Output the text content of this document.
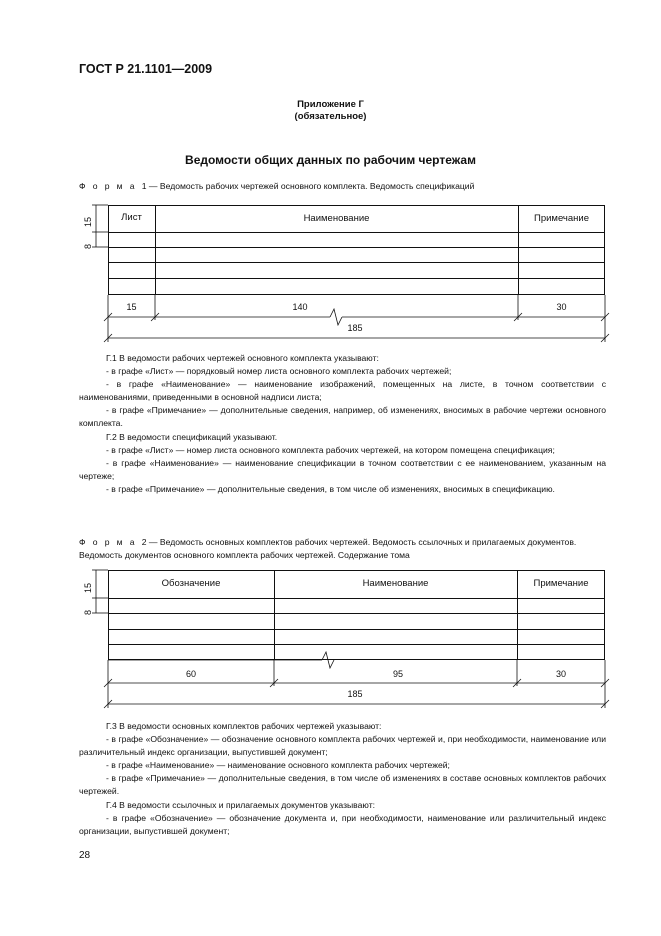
ГОСТ Р 21.1101—2009
Приложение Г
(обязательное)
Ведомости общих данных по рабочим чертежам
Ф о р м а 1 — Ведомость рабочих чертежей основного комплекта. Ведомость спецификаций
Лист	Наименование	Примечание
15
8
15	140	30
185

Г.1 В ведомости рабочих чертежей основного комплекта указывают:

- в графе «Лист» — порядковый номер листа основного комплекта рабочих чертежей;

- в графе «Наименование» — наименование изображений, помещенных на листе, в точном соответствии с наименованиями, приведенными в основной надписи листа;

- в графе «Примечание» — дополнительные сведения, например, об изменениях, вносимых в рабочие чертежи основного комплекта.

Г.2 В ведомости спецификаций указывают.

- в графе «Лист» — номер листа основного комплекта рабочих чертежей, на котором помещена спецификация;

- в графе «Наименование» — наименование спецификации в точном соответствии с ее наименованием, указанным на чертеже;

- в графе «Примечание» — дополнительные сведения, в том числе об изменениях, вносимых в спецификацию.

Ф о р м а 2 — Ведомость основных комплектов рабочих чертежей. Ведомость ссылочных и прилагаемых документов. Ведомость документов основного комплекта рабочих чертежей. Содержание тома
Обозначение	Наименование	Примечание
15
8
60	95	30
185

Г.3 В ведомости основных комплектов рабочих чертежей указывают:

- в графе «Обозначение» — обозначение основного комплекта рабочих чертежей и, при необходимости, наименование или различительный индекс организации, выпустившей документ;

- в графе «Наименование» — наименование основного комплекта рабочих чертежей;

- в графе «Примечание» — дополнительные сведения, в том числе об изменениях в составе основных комплектов рабочих чертежей.

Г.4 В ведомости ссылочных и прилагаемых документов указывают:

- в графе «Обозначение» — обозначение документа и, при необходимости, наименование или различительный индекс организации, выпустившей документ;

28
